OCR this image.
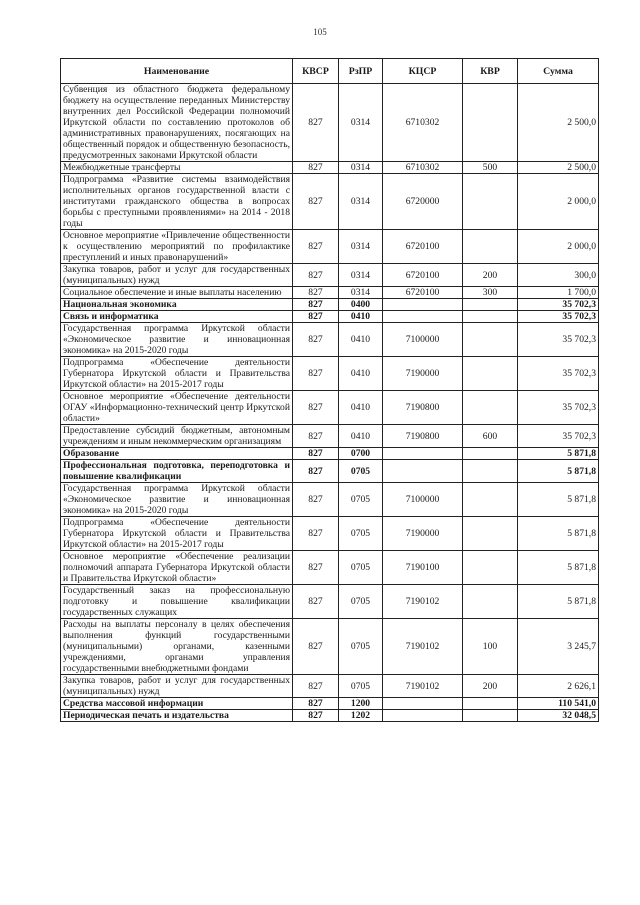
105
Наименование	КВСР	РзПР	КЦСР	КВР	Сумма
Субвенция из областного бюджета федеральному бюджету на осуществление переданных Министерству внутренних дел Российской Федерации полномочий Иркутской области по составлению протоколов об административных правонарушениях, посягающих на общественный порядок и общественную безопасность, предусмотренных законами Иркутской области	827	0314	6710302		2 500,0
Межбюджетные трансферты	827	0314	6710302	500	2 500,0
Подпрограмма «Развитие системы взаимодействия исполнительных органов государственной власти с институтами гражданского общества в вопросах борьбы с преступными проявлениями» на 2014 - 2018 годы	827	0314	6720000		2 000,0
Основное мероприятие «Привлечение общественности к осуществлению мероприятий по профилактике преступлений и иных правонарушений»	827	0314	6720100		2 000,0
Закупка товаров, работ и услуг для государственных (муниципальных) нужд	827	0314	6720100	200	300,0
Социальное обеспечение и иные выплаты населению	827	0314	6720100	300	1 700,0
Национальная экономика	827	0400			35 702,3
Связь и информатика	827	0410			35 702,3
Государственная программа Иркутской области «Экономическое развитие и инновационная экономика» на 2015-2020 годы	827	0410	7100000		35 702,3
Подпрограмма «Обеспечение деятельности Губернатора Иркутской области и Правительства Иркутской области» на 2015-2017 годы	827	0410	7190000		35 702,3
Основное мероприятие «Обеспечение деятельности ОГАУ «Информационно-технический центр Иркутской области»	827	0410	7190800		35 702,3
Предоставление субсидий бюджетным, автономным учреждениям и иным некоммерческим организациям	827	0410	7190800	600	35 702,3
Образование	827	0700			5 871,8
Профессиональная подготовка, переподготовка и повышение квалификации	827	0705			5 871,8
Государственная программа Иркутской области «Экономическое развитие и инновационная экономика» на 2015-2020 годы	827	0705	7100000		5 871,8
Подпрограмма «Обеспечение деятельности Губернатора Иркутской области и Правительства Иркутской области» на 2015-2017 годы	827	0705	7190000		5 871,8
Основное мероприятие «Обеспечение реализации полномочий аппарата Губернатора Иркутской области и Правительства Иркутской области»	827	0705	7190100		5 871,8
Государственный заказ на профессиональную подготовку и повышение квалификации государственных служащих	827	0705	7190102		5 871,8
Расходы на выплаты персоналу в целях обеспечения выполнения функций государственными (муниципальными) органами, казенными учреждениями, органами управления государственными внебюджетными фондами	827	0705	7190102	100	3 245,7
Закупка товаров, работ и услуг для государственных (муниципальных) нужд	827	0705	7190102	200	2 626,1
Средства массовой информации	827	1200			110 541,0
Периодическая печать и издательства	827	1202			32 048,5
